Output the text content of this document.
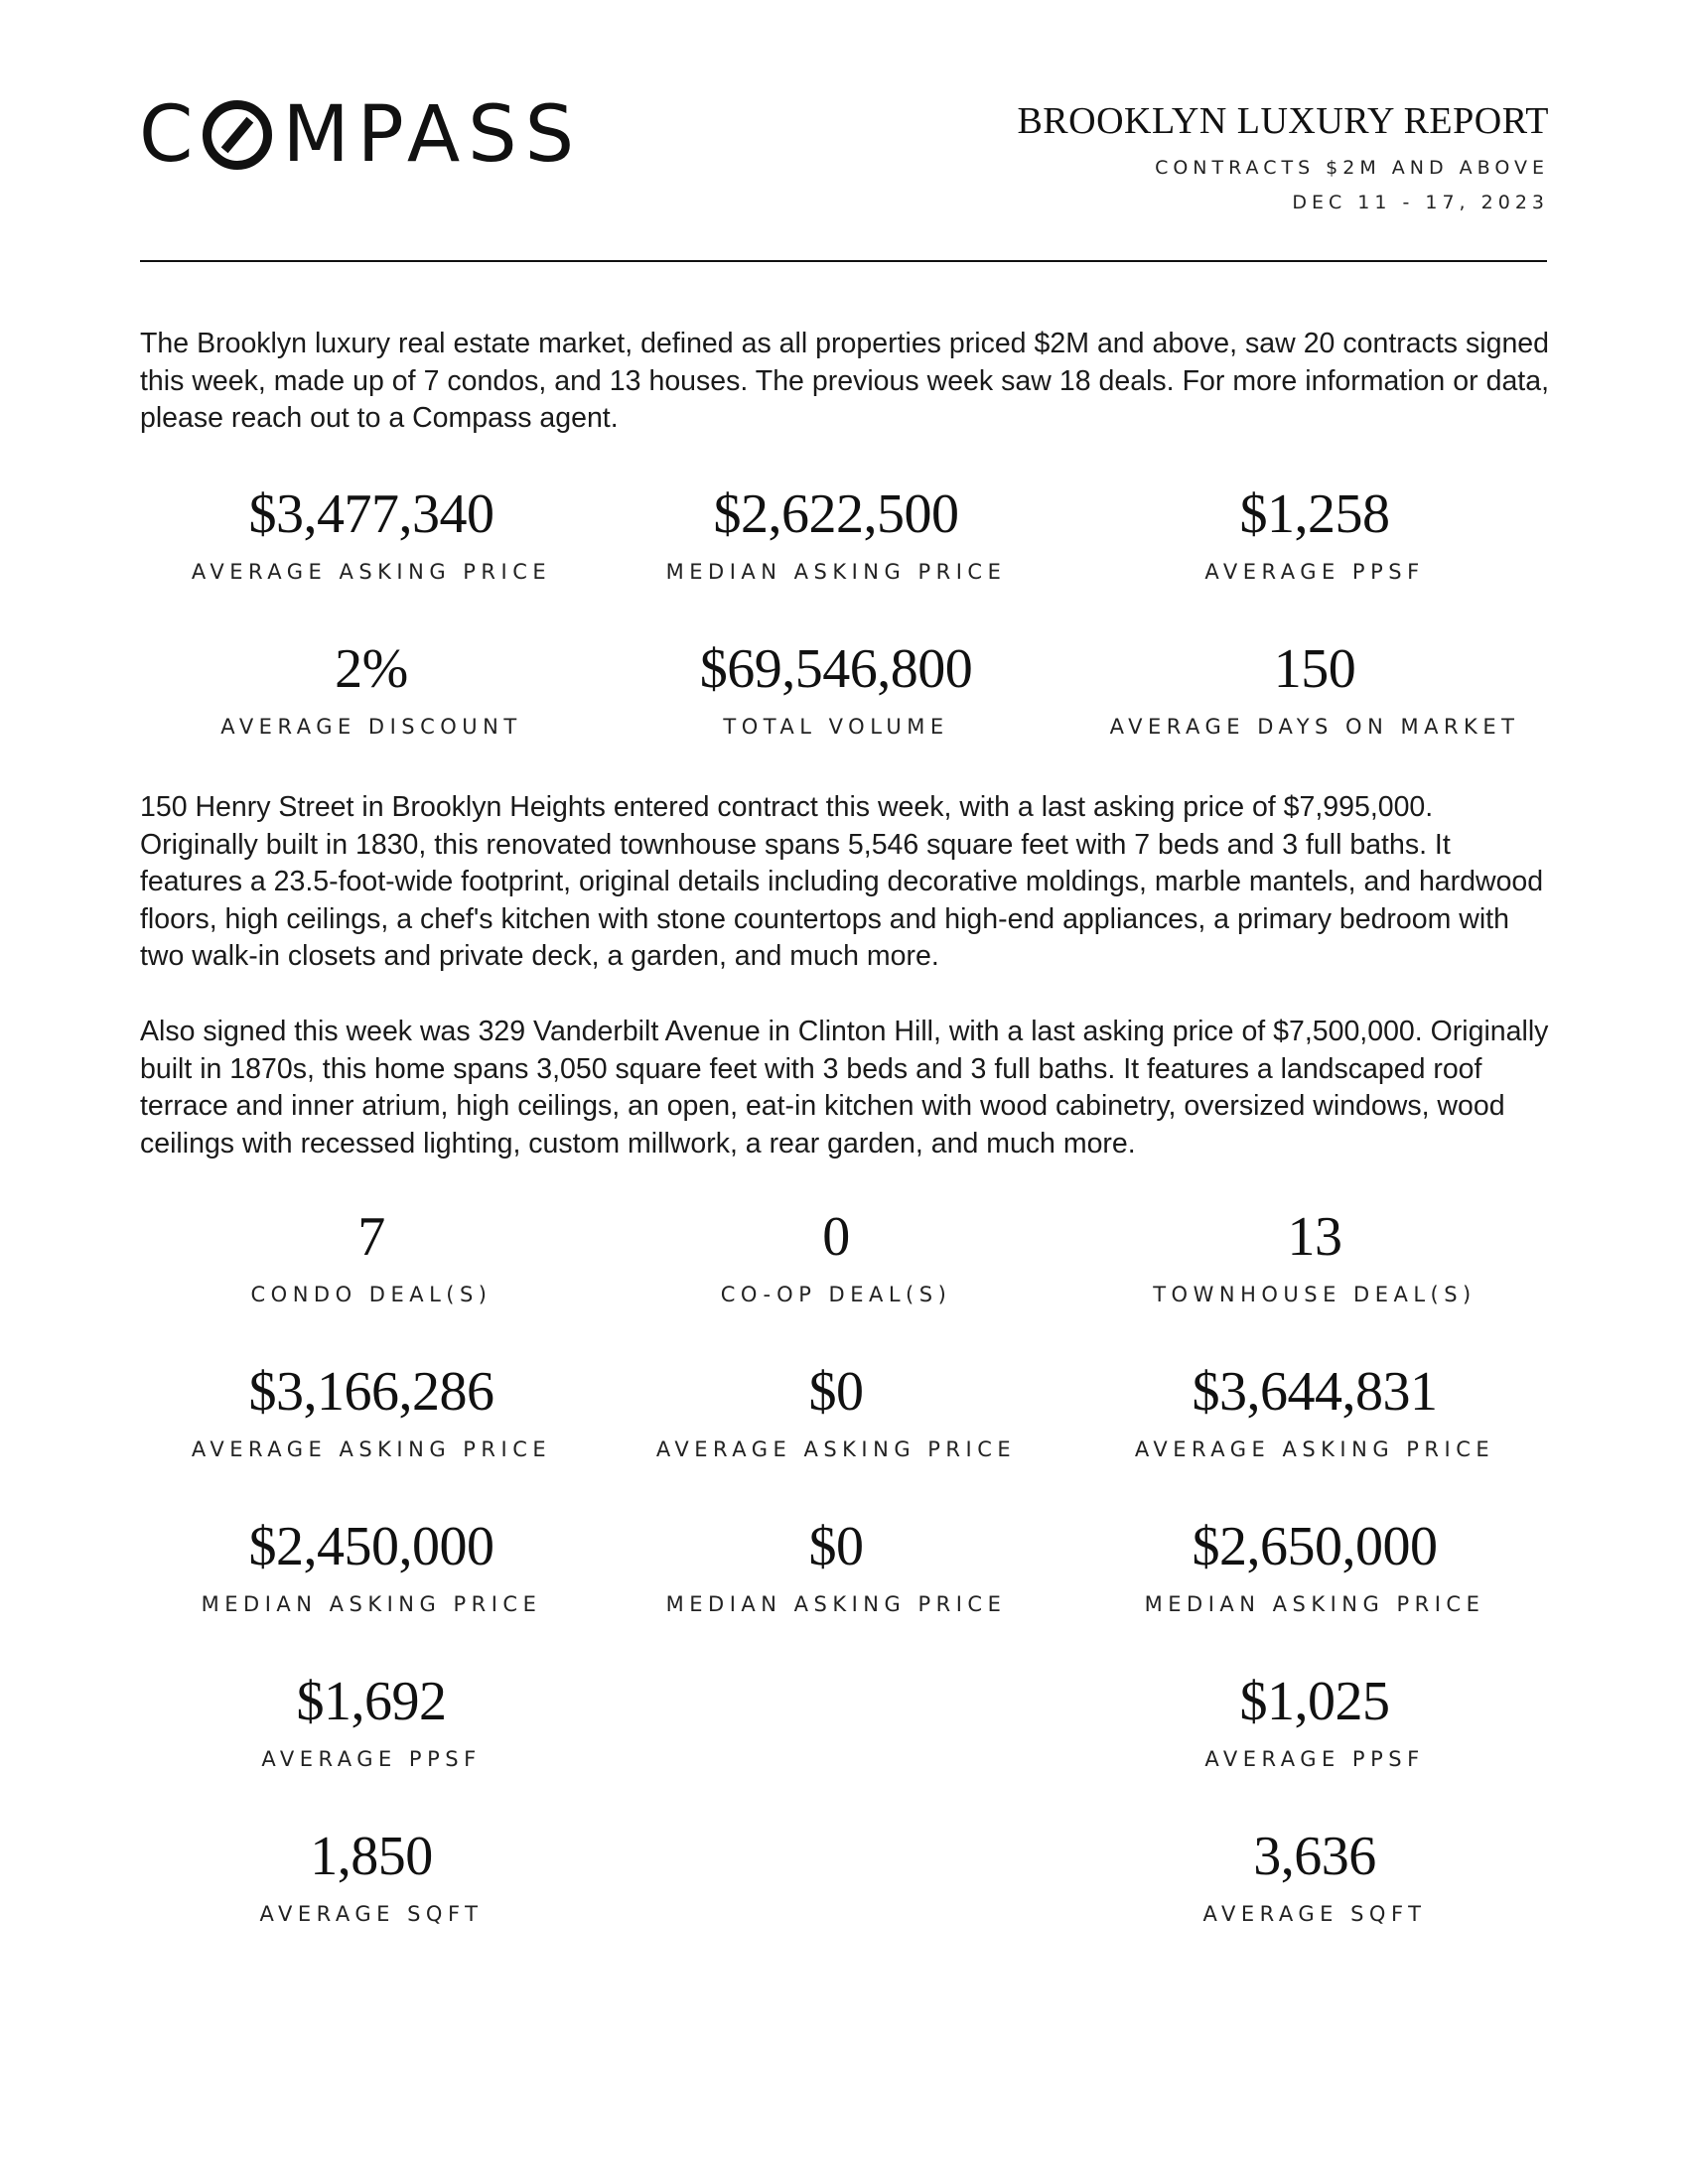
C MPASS	BROOKLYN LUXURY REPORT
CONTRACTS $2M AND ABOVE
DEC 11 - 17, 2023
The Brooklyn luxury real estate market, defined as all properties priced $2M and above, saw 20 contracts signed this week, made up of 7 condos, and 13 houses. The previous week saw 18 deals. For more information or data, please reach out to a Compass agent.
$3,477,340
AVERAGE ASKING PRICE
$2,622,500
MEDIAN ASKING PRICE
$1,258
AVERAGE PPSF
2%
AVERAGE DISCOUNT
$69,546,800
TOTAL VOLUME
150
AVERAGE DAYS ON MARKET
150 Henry Street in Brooklyn Heights entered contract this week, with a last asking price of $7,995,000. Originally built in 1830, this renovated townhouse spans 5,546 square feet with 7 beds and 3 full baths. It features a 23.5-foot-wide footprint, original details including decorative moldings, marble mantels, and hardwood floors, high ceilings, a chef's kitchen with stone countertops and high-end appliances, a primary bedroom with two walk-in closets and private deck, a garden, and much more.
Also signed this week was 329 Vanderbilt Avenue in Clinton Hill, with a last asking price of $7,500,000. Originally built in 1870s, this home spans 3,050 square feet with 3 beds and 3 full baths. It features a landscaped roof terrace and inner atrium, high ceilings, an open, eat-in kitchen with wood cabinetry, oversized windows, wood ceilings with recessed lighting, custom millwork, a rear garden, and much more.
7
CONDO DEAL(S)
$3,166,286
AVERAGE ASKING PRICE
$2,450,000
MEDIAN ASKING PRICE
$1,692
AVERAGE PPSF
1,850
AVERAGE SQFT
0
CO-OP DEAL(S)
$0
AVERAGE ASKING PRICE
$0
MEDIAN ASKING PRICE
13
TOWNHOUSE DEAL(S)
$3,644,831
AVERAGE ASKING PRICE
$2,650,000
MEDIAN ASKING PRICE
$1,025
AVERAGE PPSF
3,636
AVERAGE SQFT
